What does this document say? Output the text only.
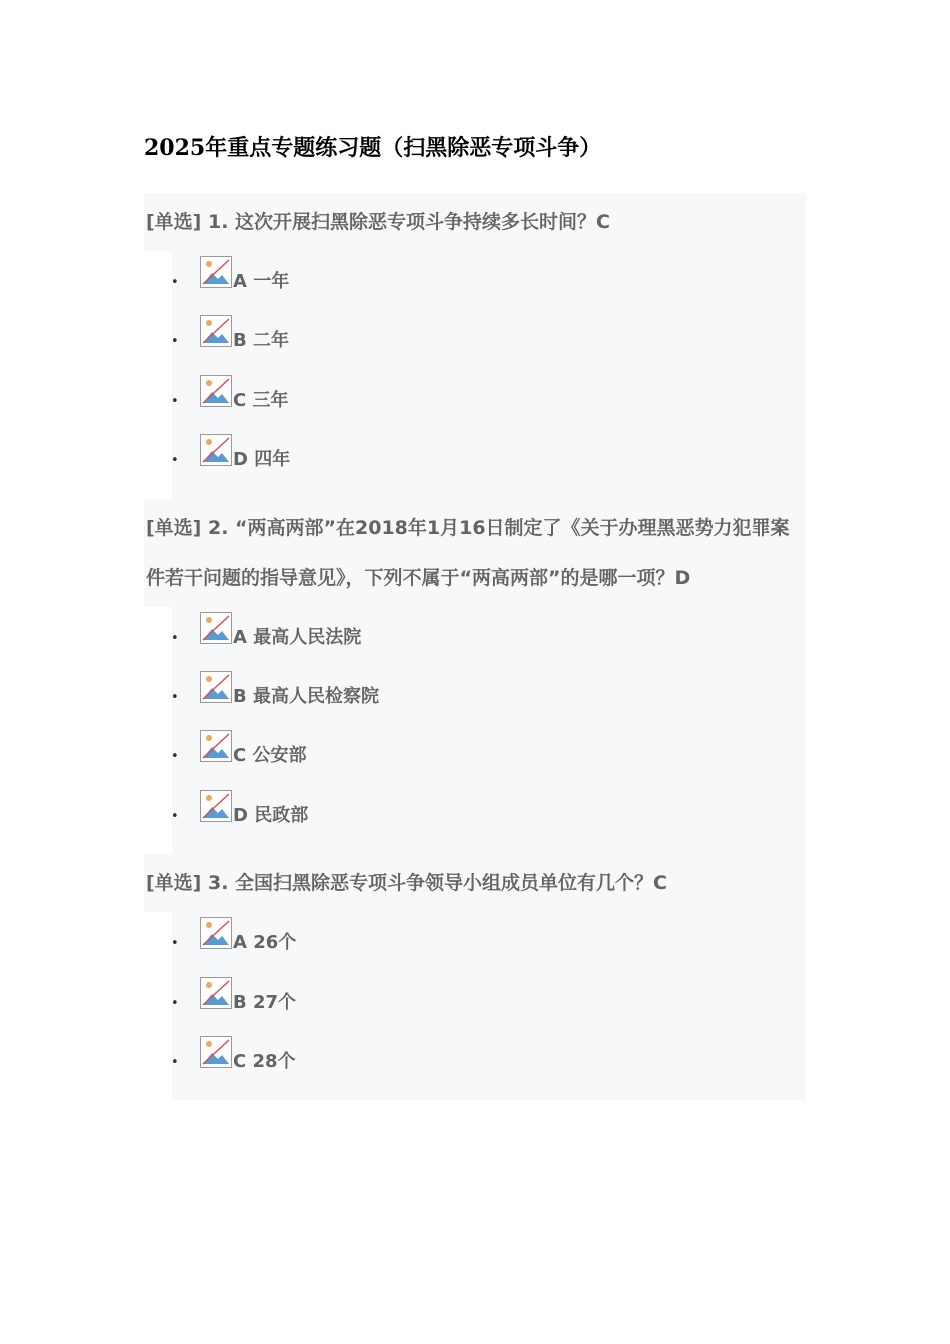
2025年重点专题练习题（扫黑除恶专项斗争）

[单选] 1. 这次开展扫黑除恶专项斗争持续多长时间？C

•	A 一年
•	B 二年
•	C 三年
•	D 四年

[单选] 2. “两高两部”在2018年1月16日制定了《关于办理黑恶势力犯罪案件若干问题的指导意见》，下列不属于“两高两部”的是哪一项？D

•	A 最高人民法院
•	B 最高人民检察院
•	C 公安部
•	D 民政部

[单选] 3. 全国扫黑除恶专项斗争领导小组成员单位有几个？C

•	A 26个
•	B 27个
•	C 28个
